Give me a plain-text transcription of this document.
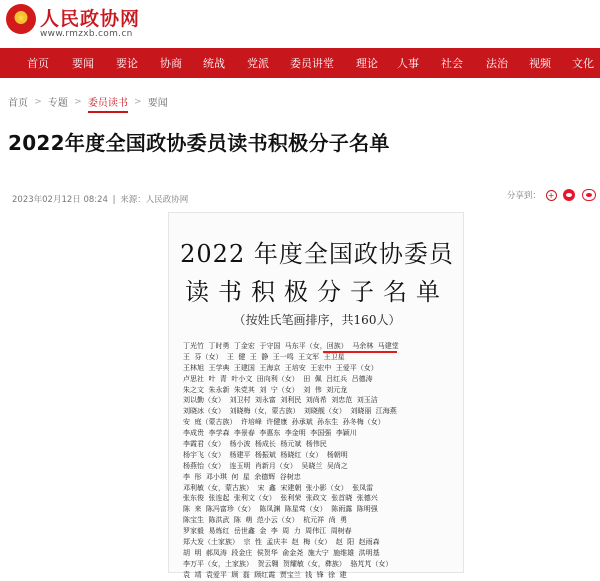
人民政协网
www.rmzxb.com.cn
首页 要闻 要论 协商 统战 党派 委员讲堂 理论 人事 社会 法治 视频 文化
首页 > 专题 > 委员读书 > 要闻
2022年度全国政协委员读书积极分子名单
2023年02月12日 08:24 | 来源：人民政协网	分享到： +
2022 年度全国政协委员
读书积极分子名单
（按姓氏笔画排序，共160人）
丁光竹  丁时勇  丁金宏  于守国  马东平（女，回族）  马余林  马建堂
王  芬（女）  王  健  王  静  王一鸣  王文军  王卫星
王林旭  王学典  王建国  王海京  王培安  王宏中  王爱平（女）
卢思社  叶  青  叶小文  田向利（女）  田  佩  吕红兵  吕德涛
朱之文  朱永新  朱党其  刘  宁（女）  刘  伟  刘元龙
刘以勤（女）  刘卫村  刘永富  刘利民  刘尚希  刘忠范  刘玉洁
刘晓冰（女）  刘晓梅（女，蒙古族）  刘晓舰（女）  刘晓丽  江海燕
安  庭（蒙古族）  许培峰  许健康  孙承斌  孙东生  孙冬梅（女）
李成贵  李学森  李景春  李惠东  李金明  李国强  李颖川
李霞君（女）  杨小波  杨成长  杨元斌  杨伟民
杨宇飞（女）  杨建平  杨振斌  杨晓红（女）  杨朝明
杨燕怡（女）  连玉明  肖新月（女）  吴晓兰  吴尚之
李  彤  邓小琪  何  星  余德辉  谷树忠
邓利敏（女，蒙古族）  宋  鑫  宋建朝  张小影（女）  张凤雷
张东俊  张连起  张利文（女）  张利荣  张政文  张首晓  张德兴
陈  来  陈冯富珍（女）  陈凤渊  陈星莺（女）  陈雨露  陈明强
陈宝生  陈洪武  陈  萌  范小云（女）  杭元祥  尚  勇
罗家毅  易炼红  岳世鑫  金  李  周  力  周伟江  周树春
郑大发（土家族）  宗  性  孟庆丰  赵  梅（女）  赵  阳  赵雨森
胡  明  郝凤涛  段金庄  侯贺华  俞金尧  施大宁  施维雄  洪明基
李万平（女，土家族）  贺云翱  贺耀敏（女，彝族）  骆芃芃（女）
袁  靖  袁爱平  顾  磊  顾红霞  贾宝兰  钱  锋  徐  建
